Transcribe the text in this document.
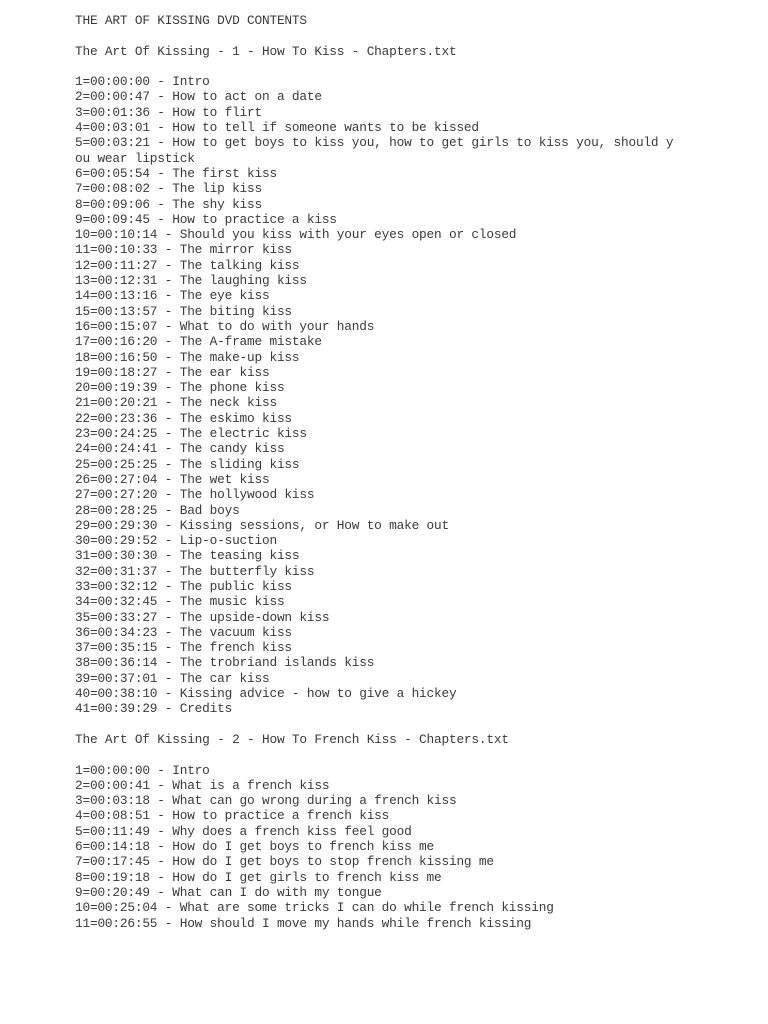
THE ART OF KISSING DVD CONTENTS
The Art Of Kissing - 1 - How To Kiss - Chapters.txt
1=00:00:00 - Intro
2=00:00:47 - How to act on a date
3=00:01:36 - How to flirt
4=00:03:01 - How to tell if someone wants to be kissed
5=00:03:21 - How to get boys to kiss you, how to get girls to kiss you, should y
ou wear lipstick
6=00:05:54 - The first kiss
7=00:08:02 - The lip kiss
8=00:09:06 - The shy kiss
9=00:09:45 - How to practice a kiss
10=00:10:14 - Should you kiss with your eyes open or closed
11=00:10:33 - The mirror kiss
12=00:11:27 - The talking kiss
13=00:12:31 - The laughing kiss
14=00:13:16 - The eye kiss
15=00:13:57 - The biting kiss
16=00:15:07 - What to do with your hands
17=00:16:20 - The A-frame mistake
18=00:16:50 - The make-up kiss
19=00:18:27 - The ear kiss
20=00:19:39 - The phone kiss
21=00:20:21 - The neck kiss
22=00:23:36 - The eskimo kiss
23=00:24:25 - The electric kiss
24=00:24:41 - The candy kiss
25=00:25:25 - The sliding kiss
26=00:27:04 - The wet kiss
27=00:27:20 - The hollywood kiss
28=00:28:25 - Bad boys
29=00:29:30 - Kissing sessions, or How to make out
30=00:29:52 - Lip-o-suction
31=00:30:30 - The teasing kiss
32=00:31:37 - The butterfly kiss
33=00:32:12 - The public kiss
34=00:32:45 - The music kiss
35=00:33:27 - The upside-down kiss
36=00:34:23 - The vacuum kiss
37=00:35:15 - The french kiss
38=00:36:14 - The trobriand islands kiss
39=00:37:01 - The car kiss
40=00:38:10 - Kissing advice - how to give a hickey
41=00:39:29 - Credits
The Art Of Kissing - 2 - How To French Kiss - Chapters.txt
1=00:00:00 - Intro
2=00:00:41 - What is a french kiss
3=00:03:18 - What can go wrong during a french kiss
4=00:08:51 - How to practice a french kiss
5=00:11:49 - Why does a french kiss feel good
6=00:14:18 - How do I get boys to french kiss me
7=00:17:45 - How do I get boys to stop french kissing me
8=00:19:18 - How do I get girls to french kiss me
9=00:20:49 - What can I do with my tongue
10=00:25:04 - What are some tricks I can do while french kissing
11=00:26:55 - How should I move my hands while french kissing
